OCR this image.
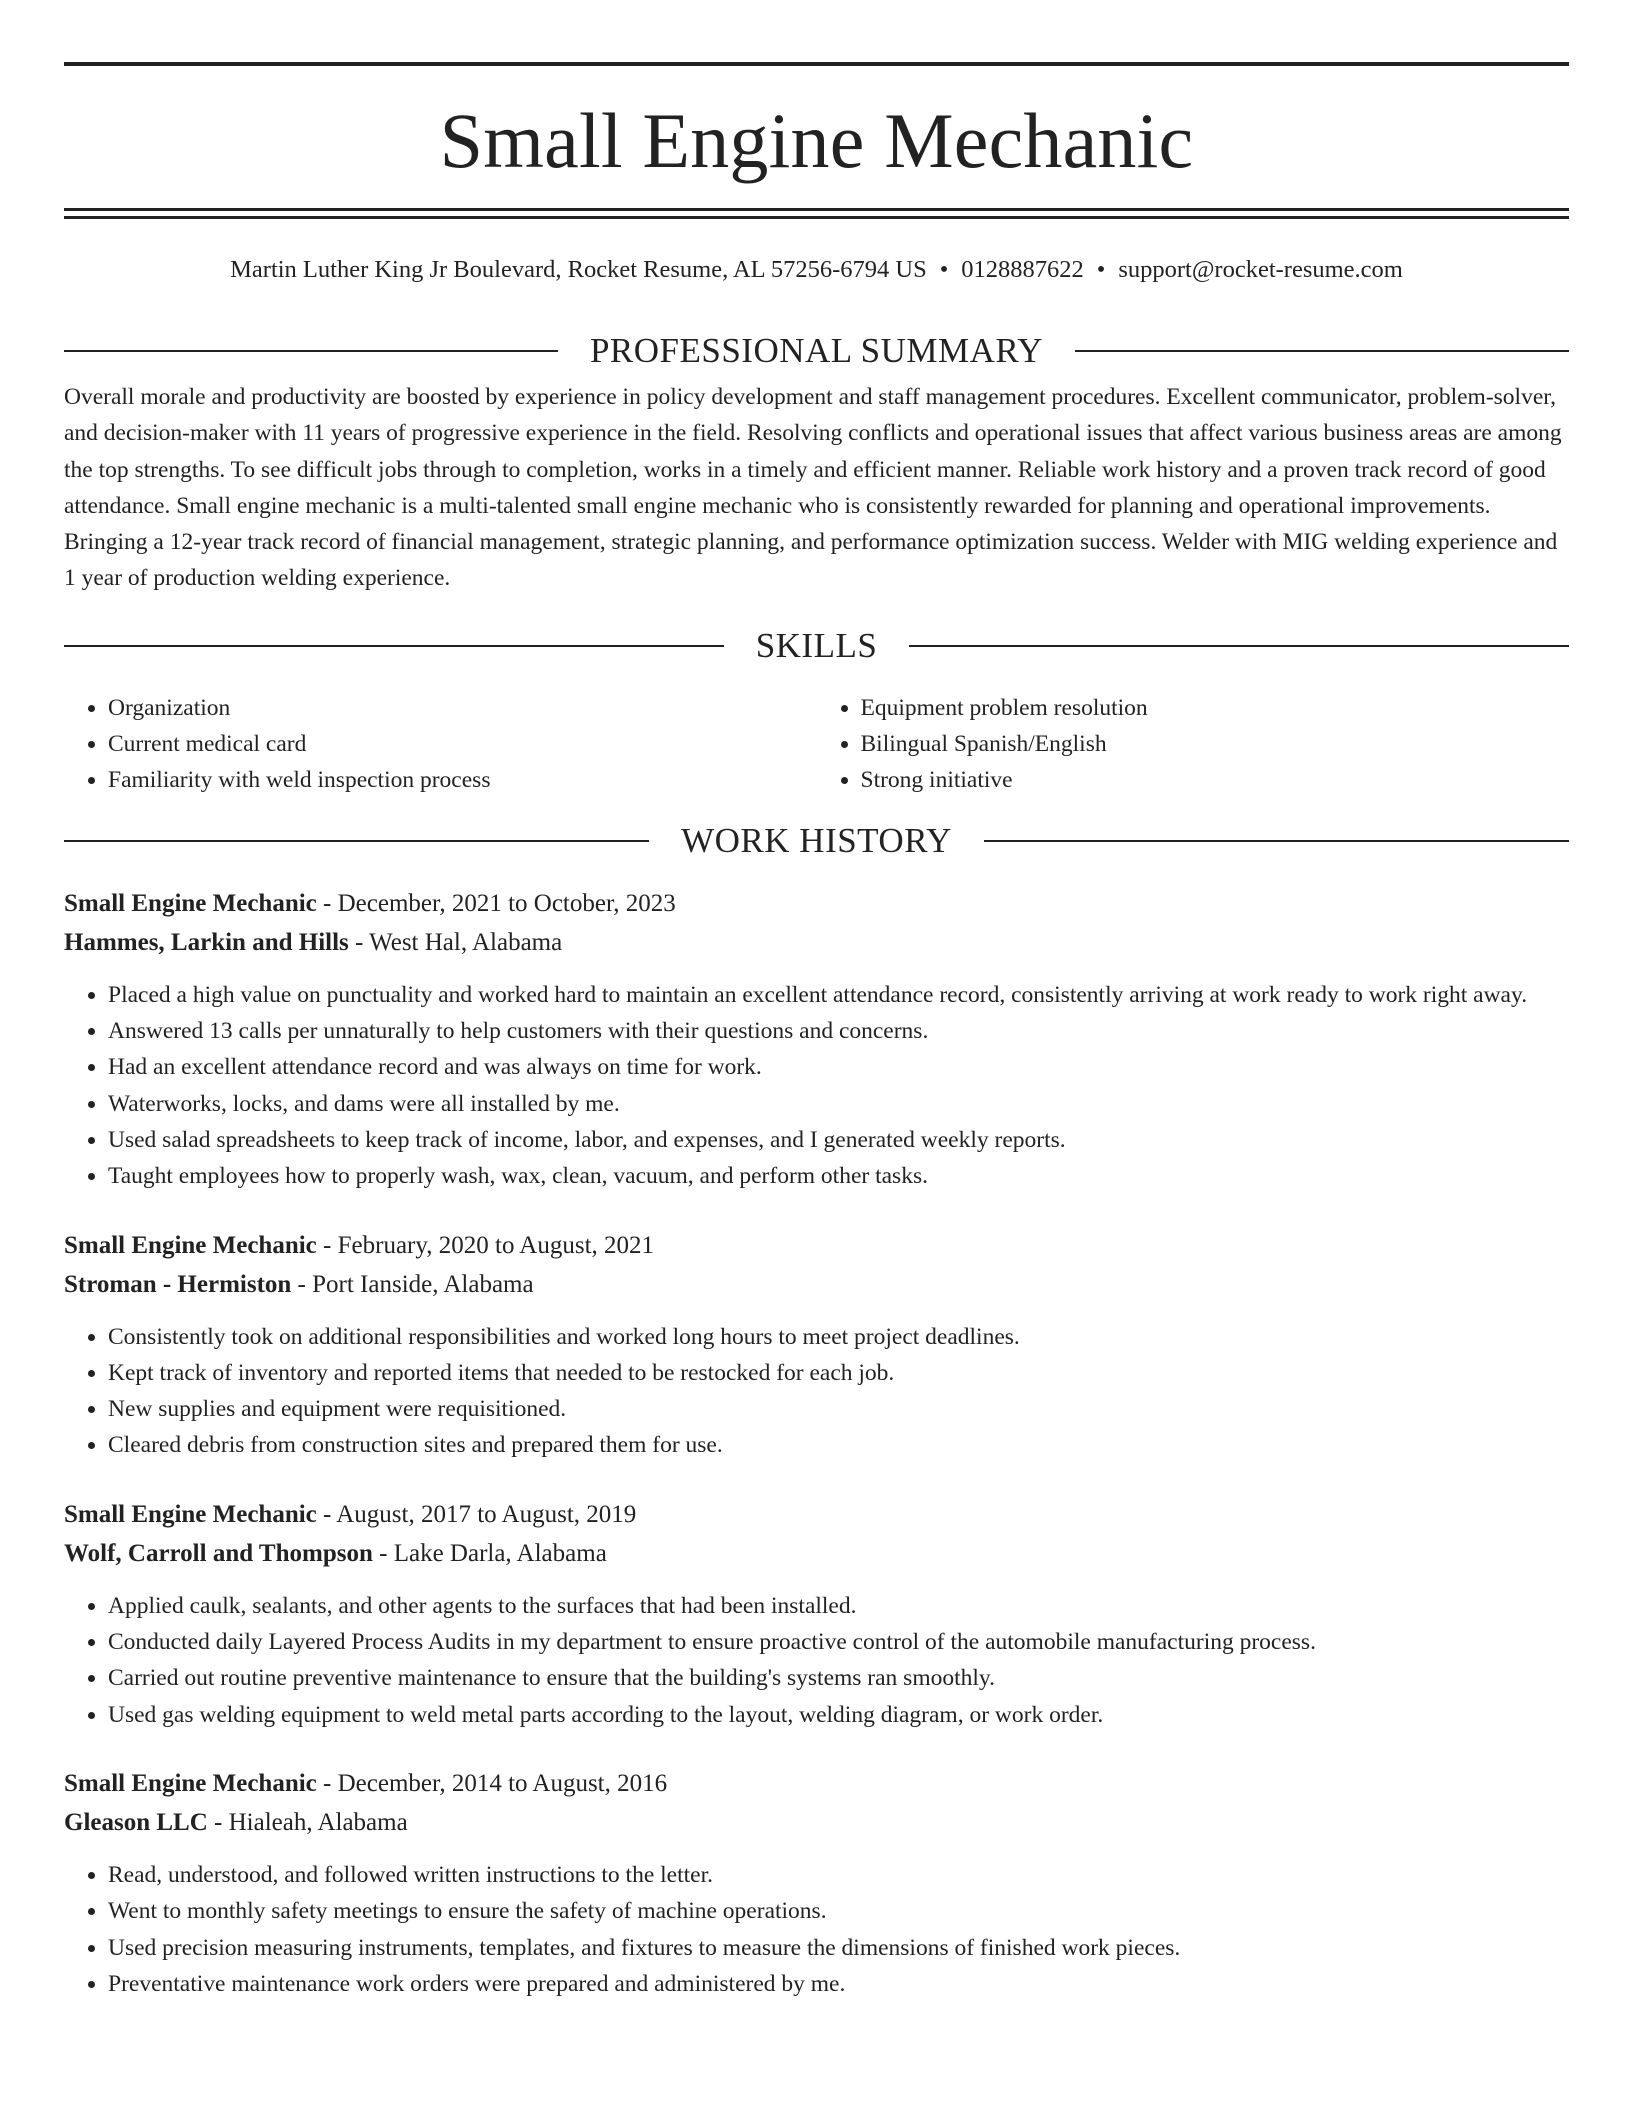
Small Engine Mechanic
Martin Luther King Jr Boulevard, Rocket Resume, AL 57256-6794 US • 0128887622 • support@rocket-resume.com
PROFESSIONAL SUMMARY
Overall morale and productivity are boosted by experience in policy development and staff management procedures. Excellent communicator, problem-solver, and decision-maker with 11 years of progressive experience in the field. Resolving conflicts and operational issues that affect various business areas are among the top strengths. To see difficult jobs through to completion, works in a timely and efficient manner. Reliable work history and a proven track record of good attendance. Small engine mechanic is a multi-talented small engine mechanic who is consistently rewarded for planning and operational improvements. Bringing a 12-year track record of financial management, strategic planning, and performance optimization success. Welder with MIG welding experience and 1 year of production welding experience.
SKILLS
• Organization
• Current medical card
• Familiarity with weld inspection process
• Equipment problem resolution
• Bilingual Spanish/English
• Strong initiative
WORK HISTORY
Small Engine Mechanic - December, 2021 to October, 2023
Hammes, Larkin and Hills - West Hal, Alabama
• Placed a high value on punctuality and worked hard to maintain an excellent attendance record, consistently arriving at work ready to work right away.
• Answered 13 calls per unnaturally to help customers with their questions and concerns.
• Had an excellent attendance record and was always on time for work.
• Waterworks, locks, and dams were all installed by me.
• Used salad spreadsheets to keep track of income, labor, and expenses, and I generated weekly reports.
• Taught employees how to properly wash, wax, clean, vacuum, and perform other tasks.
Small Engine Mechanic - February, 2020 to August, 2021
Stroman - Hermiston - Port Ianside, Alabama
• Consistently took on additional responsibilities and worked long hours to meet project deadlines.
• Kept track of inventory and reported items that needed to be restocked for each job.
• New supplies and equipment were requisitioned.
• Cleared debris from construction sites and prepared them for use.
Small Engine Mechanic - August, 2017 to August, 2019
Wolf, Carroll and Thompson - Lake Darla, Alabama
• Applied caulk, sealants, and other agents to the surfaces that had been installed.
• Conducted daily Layered Process Audits in my department to ensure proactive control of the automobile manufacturing process.
• Carried out routine preventive maintenance to ensure that the building's systems ran smoothly.
• Used gas welding equipment to weld metal parts according to the layout, welding diagram, or work order.
Small Engine Mechanic - December, 2014 to August, 2016
Gleason LLC - Hialeah, Alabama
• Read, understood, and followed written instructions to the letter.
• Went to monthly safety meetings to ensure the safety of machine operations.
• Used precision measuring instruments, templates, and fixtures to measure the dimensions of finished work pieces.
• Preventative maintenance work orders were prepared and administered by me.
